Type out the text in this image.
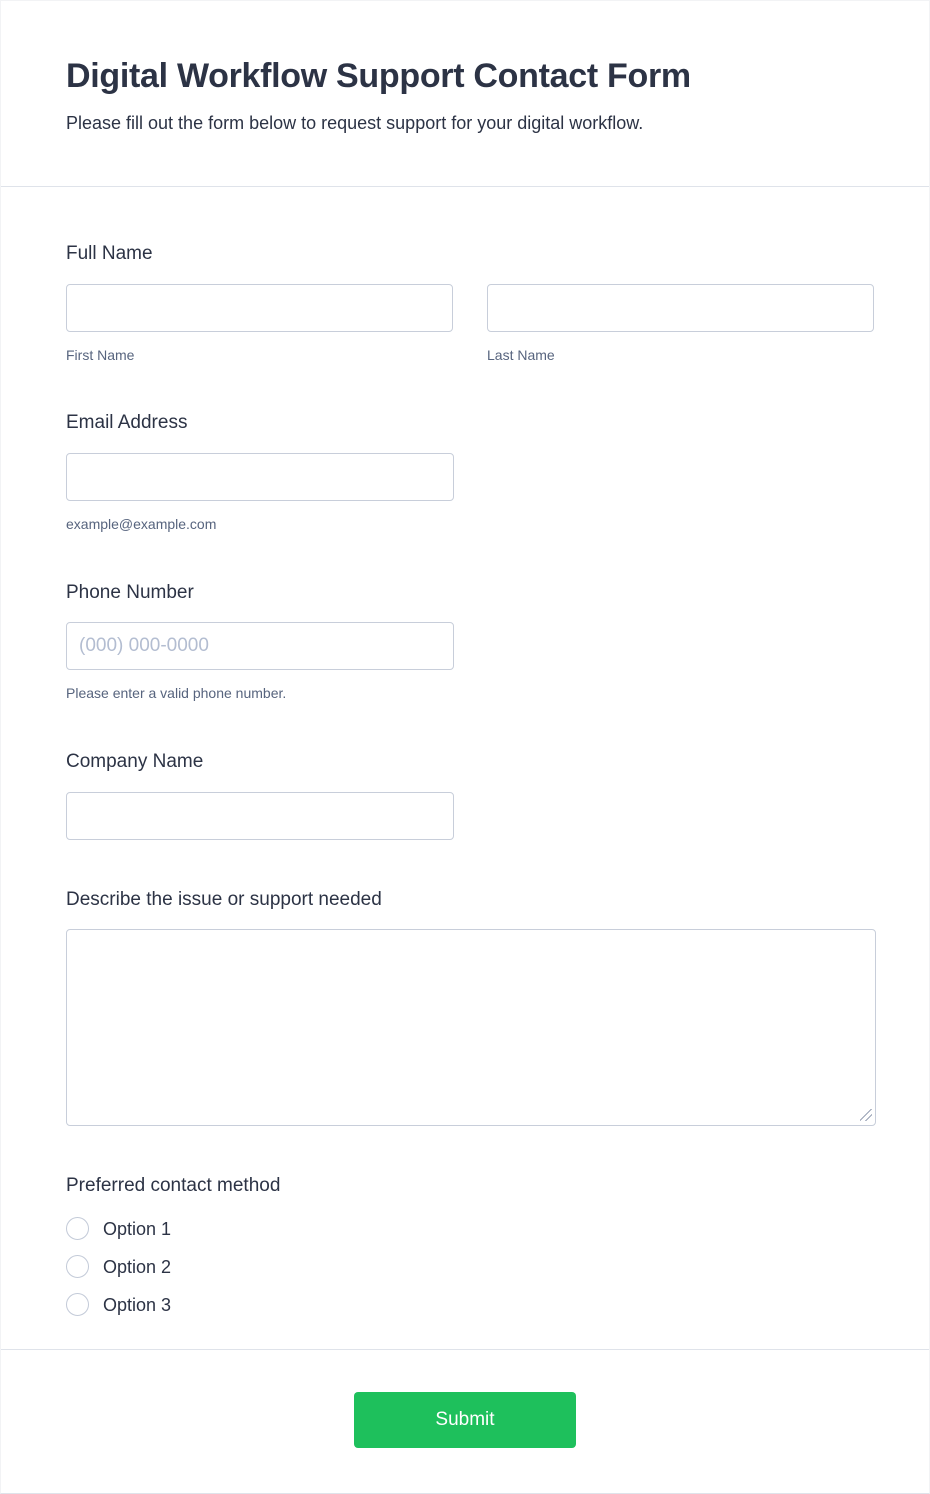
Digital Workflow Support Contact Form

Please fill out the form below to request support for your digital workflow.

Full Name
First Name	Last Name
Email Address
example@example.com
Phone Number
(000) 000-0000
Please enter a valid phone number.
Company Name
Describe the issue or support needed
Preferred contact method
Option 1
Option 2
Option 3
Submit
